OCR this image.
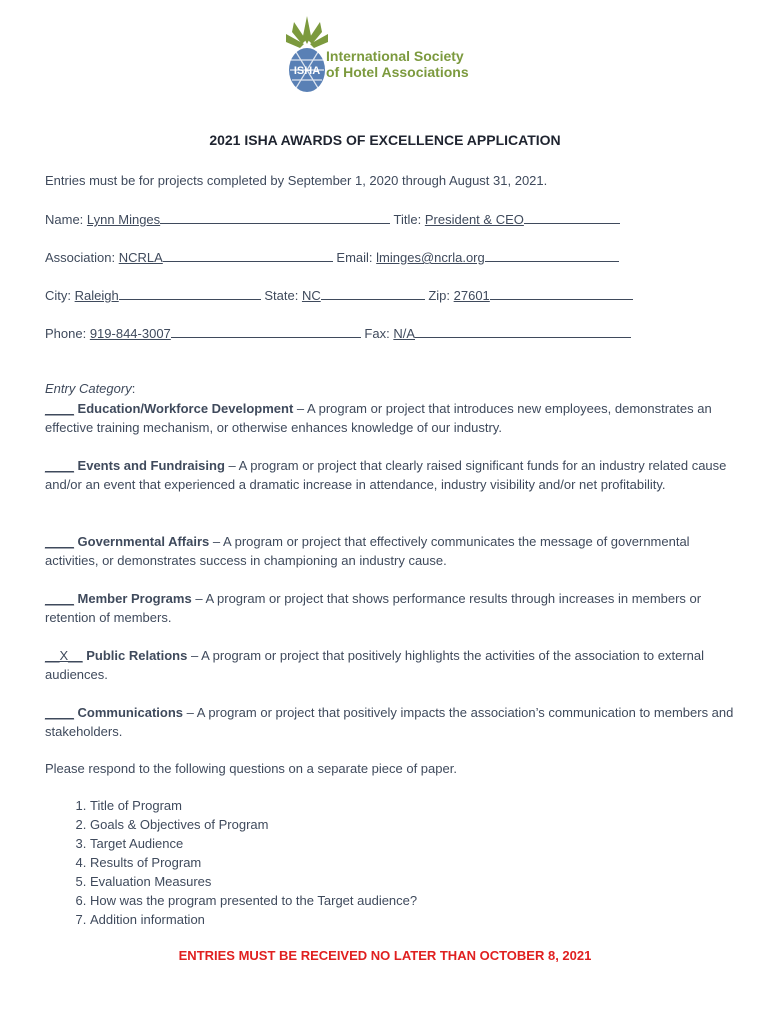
ISHA
International Society
of Hotel Associations
2021 ISHA AWARDS OF EXCELLENCE APPLICATION
Entries must be for projects completed by September 1, 2020 through August 31, 2021.
Name: Lynn Minges	Title: President & CEO
Association: NCRLA	Email: lminges@ncrla.org
City: Raleigh	State: NC	Zip: 27601
Phone: 919-844-3007	Fax: N/A
Entry Category:
____ Education/Workforce Development – A program or project that introduces new employees, demonstrates an effective training mechanism, or otherwise enhances knowledge of our industry.
____ Events and Fundraising – A program or project that clearly raised significant funds for an industry related cause and/or an event that experienced a dramatic increase in attendance, industry visibility and/or net profitability.
____ Governmental Affairs – A program or project that effectively communicates the message of governmental activities, or demonstrates success in championing an industry cause.
____ Member Programs – A program or project that shows performance results through increases in members or retention of members.
__X__ Public Relations – A program or project that positively highlights the activities of the association to external audiences.
____ Communications – A program or project that positively impacts the association’s communication to members and stakeholders.
Please respond to the following questions on a separate piece of paper.
1. Title of Program
2. Goals & Objectives of Program
3. Target Audience
4. Results of Program
5. Evaluation Measures
6. How was the program presented to the Target audience?
7. Addition information
ENTRIES MUST BE RECEIVED NO LATER THAN OCTOBER 8, 2021
